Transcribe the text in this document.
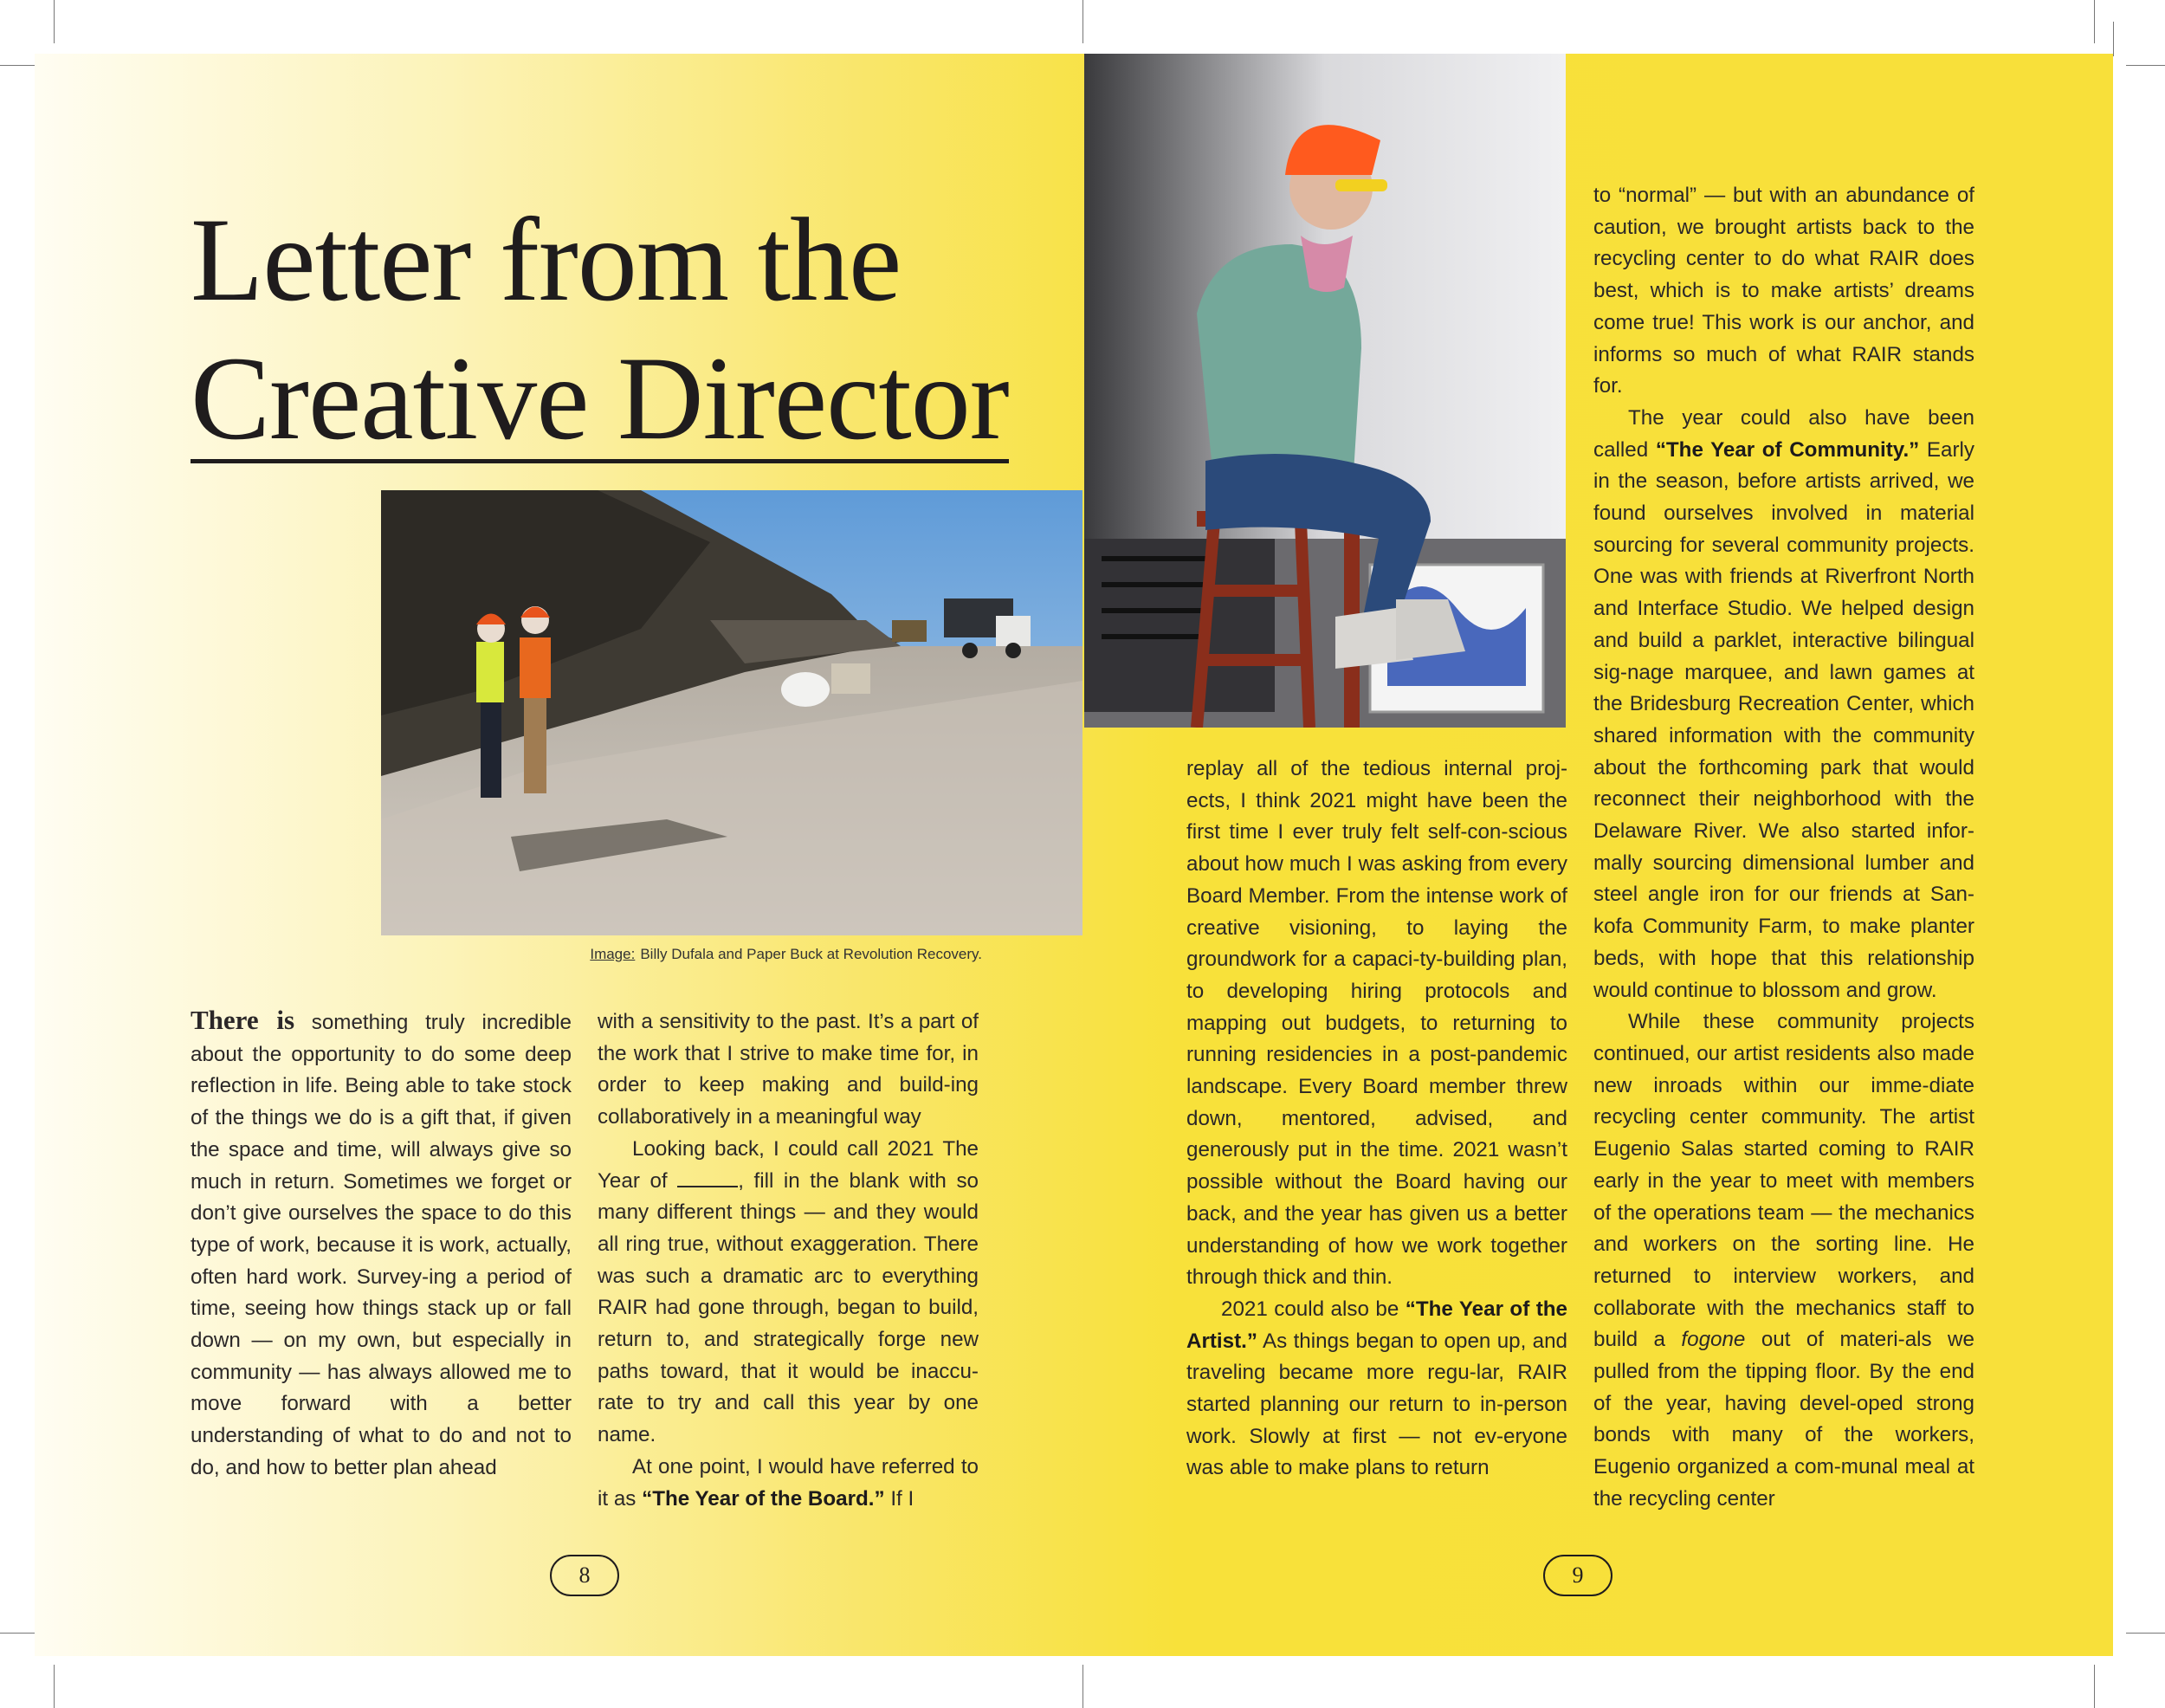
Letter from the
Creative Director
Image: Billy Dufala and Paper Buck at Revolution Recovery.

There is something truly incredible about the opportunity to do some deep reflection in life. Being able to take stock of the things we do is a gift that, if given the space and time, will always give so much in return. Sometimes we forget or don’t give ourselves the space to do this type of work, because it is work, actually, often hard work. Survey-ing a period of time, seeing how things stack up or fall down — on my own, but especially in community — has always allowed me to move forward with a better understanding of what to do and not to do, and how to better plan ahead

with a sensitivity to the past. It’s a part of the work that I strive to make time for, in order to keep making and build-ing collaboratively in a meaningful way

Looking back, I could call 2021 The Year of	, fill in the blank with so many different things — and they would all ring true, without exaggeration. There was such a dramatic arc to everything RAIR had gone through, began to build, return to, and strategically forge new paths toward, that it would be inaccu-rate to try and call this year by one name.

At one point, I would have referred to it as “The Year of the Board.” If I

replay all of the tedious internal proj-ects, I think 2021 might have been the first time I ever truly felt self-con-scious about how much I was asking from every Board Member. From the intense work of creative visioning, to laying the groundwork for a capaci-ty-building plan, to developing hiring protocols and mapping out budgets, to returning to running residencies in a post-pandemic landscape. Every Board member threw down, mentored, advised, and generously put in the time. 2021 wasn’t possible without the Board having our back, and the year has given us a better understanding of how we work together through thick and thin.

2021 could also be “The Year of the Artist.” As things began to open up, and traveling became more regu-lar, RAIR started planning our return to in-person work. Slowly at first — not ev-eryone was able to make plans to return

to “normal” — but with an abundance of caution, we brought artists back to the recycling center to do what RAIR does best, which is to make artists’ dreams come true! This work is our anchor, and informs so much of what RAIR stands for.

The year could also have been called “The Year of Community.” Early in the season, before artists arrived, we found ourselves involved in material sourcing for several community projects. One was with friends at Riverfront North and Interface Studio. We helped design and build a parklet, interactive bilingual sig-nage marquee, and lawn games at the Bridesburg Recreation Center, which shared information with the community about the forthcoming park that would reconnect their neighborhood with the Delaware River. We also started infor-mally sourcing dimensional lumber and steel angle iron for our friends at San-kofa Community Farm, to make planter beds, with hope that this relationship would continue to blossom and grow.

While these community projects continued, our artist residents also made new inroads within our imme-diate recycling center community. The artist Eugenio Salas started coming to RAIR early in the year to meet with members of the operations team — the mechanics and workers on the sorting line. He returned to interview workers, and collaborate with the mechanics staff to build a fogone out of materi-als we pulled from the tipping floor. By the end of the year, having devel-oped strong bonds with many of the workers, Eugenio organized a com-munal meal at the recycling center

8	9
